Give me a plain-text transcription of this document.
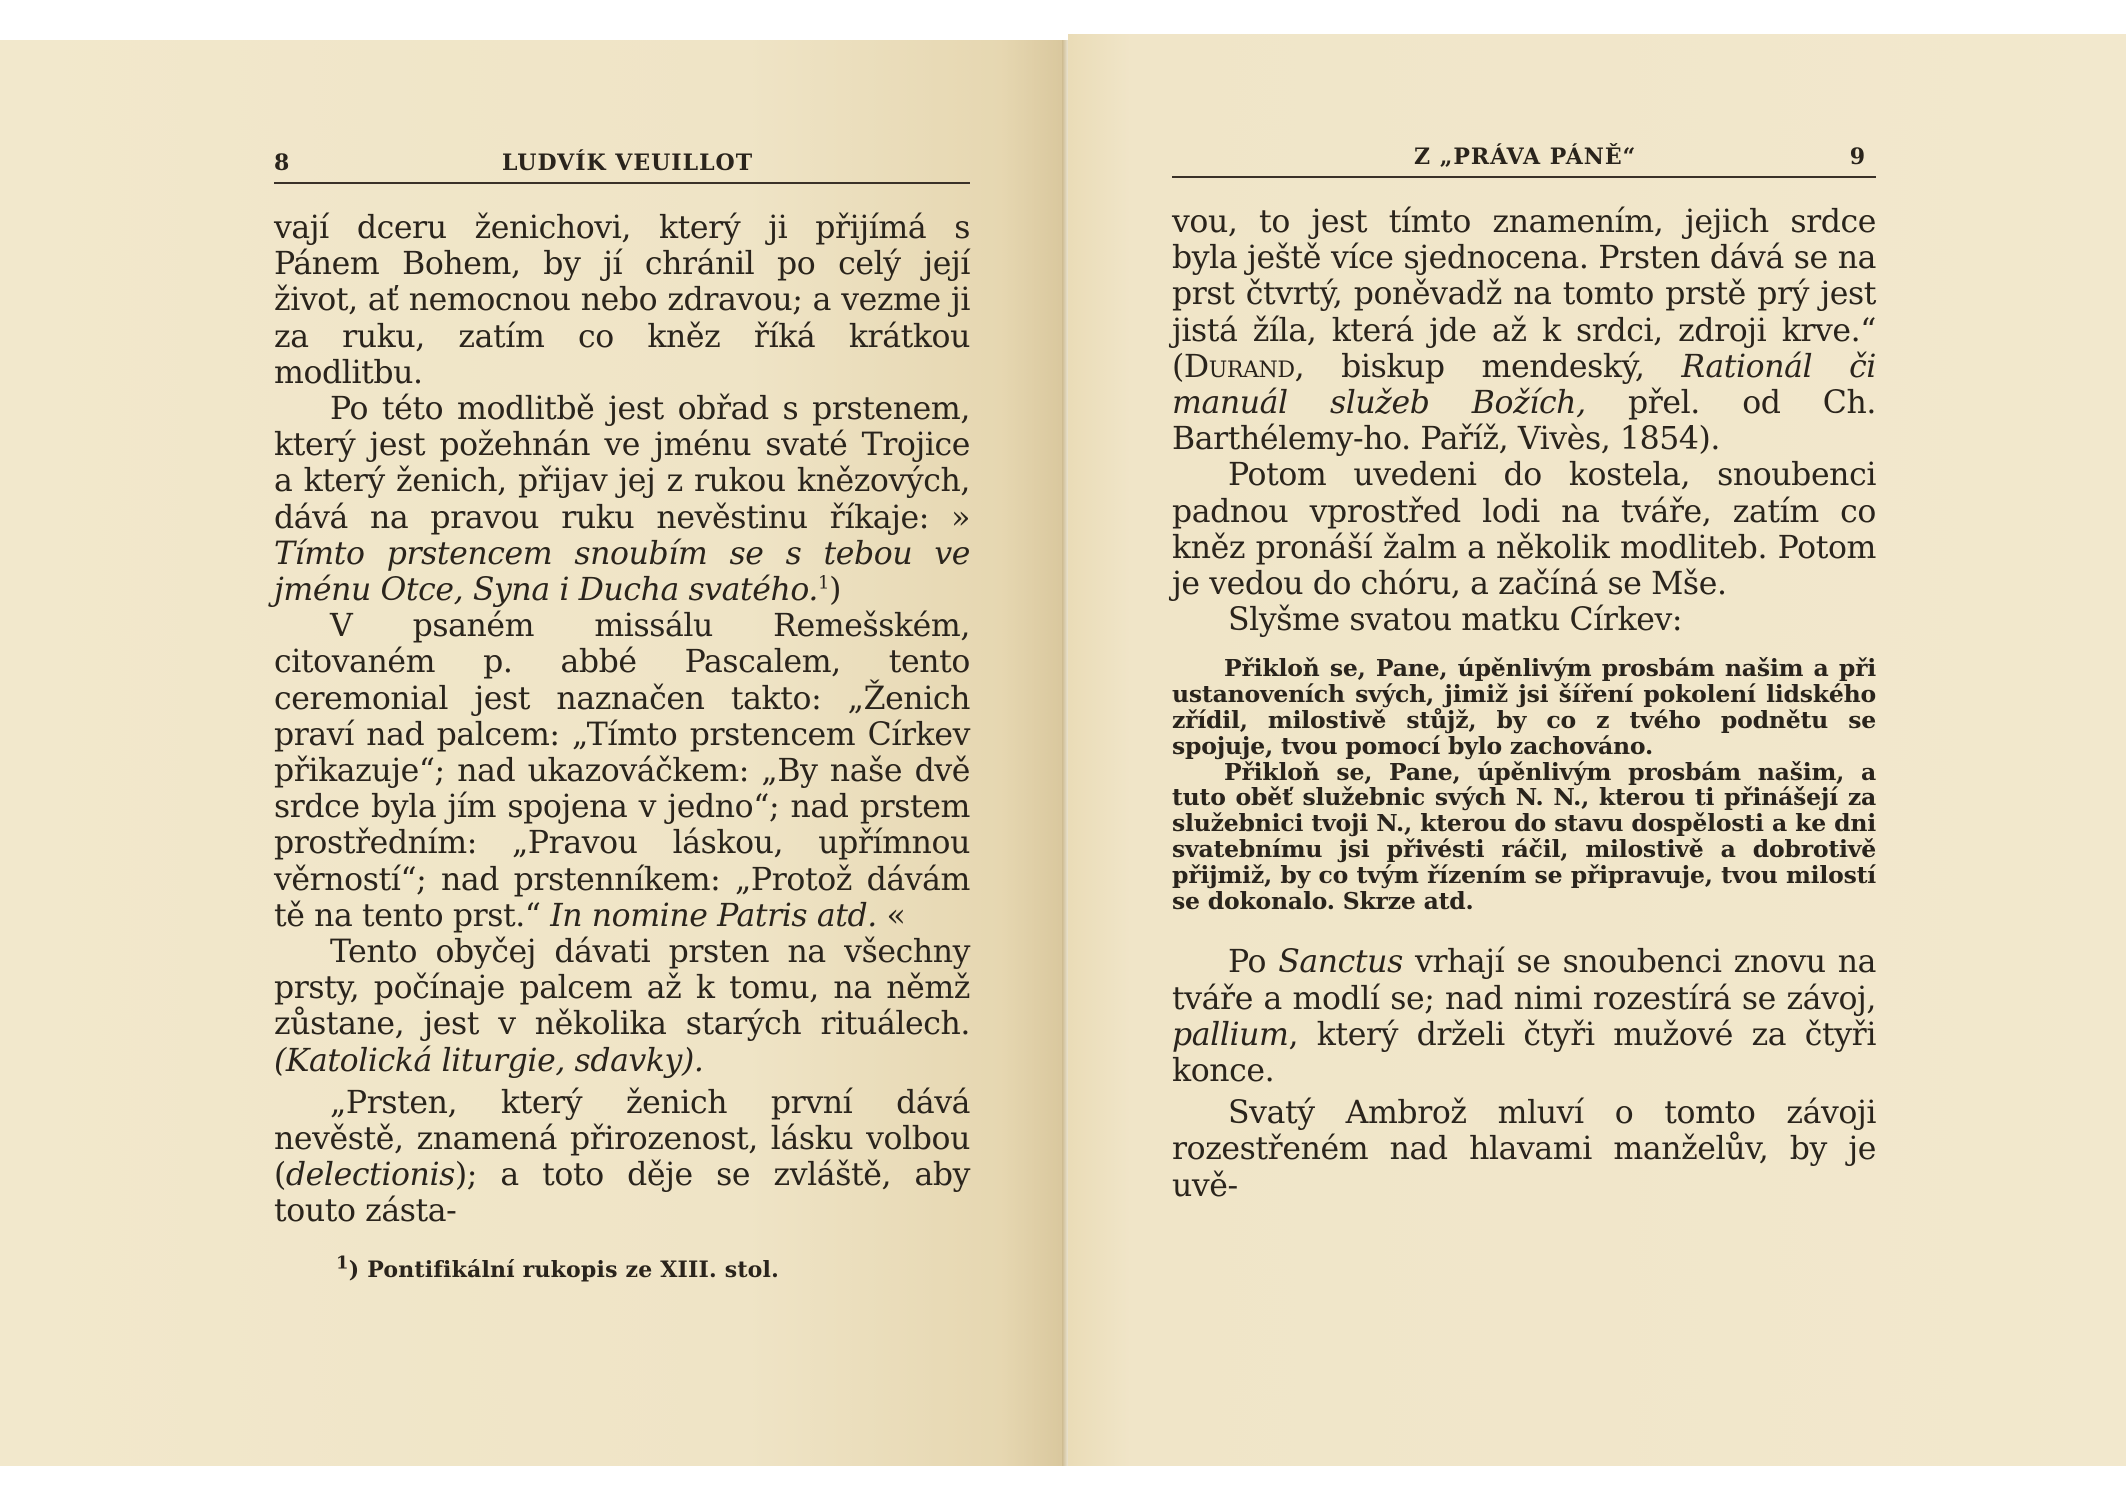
8	LUDVÍK VEUILLOT

vají dceru ženichovi, který ji přijímá s Pánem Bohem, by jí chránil po celý její život, ať nemocnou nebo zdravou; a vezme ji za ruku, zatím co kněz říká krátkou modlitbu.

Po této modlitbě jest obřad s prstenem, který jest požehnán ve jménu svaté Trojice a který ženich, přijav jej z rukou knězových, dává na pravou ruku nevěstinu říkaje: » Tímto prstencem snoubím se s tebou ve jménu Otce, Syna i Ducha svatého.$^1$)

V psaném missálu Remešském, citovaném p. abbé Pascalem, tento ceremonial jest naznačen takto: „Ženich praví nad palcem: „Tímto prstencem Církev přikazuje“; nad ukazováčkem: „By naše dvě srdce byla jím spojena v jedno“; nad prstem prostředním: „Pravou láskou, upřímnou věrností“; nad prstenníkem: „Protož dávám tě na tento prst.“ In nomine Patris atd. «

Tento obyčej dávati prsten na všechny prsty, počínaje palcem až k tomu, na němž zůstane, jest v několika starých rituálech. (Katolická liturgie, sdavky).

„Prsten, který ženich první dává nevěstě, znamená přirozenost, lásku volbou (delectionis); a toto děje se zvláště, aby touto zásta-

$^1$) Pontifikální rukopis ze XIII. stol.
Z „PRÁVA PÁNĚ“	9

vou, to jest tímto znamením, jejich srdce byla ještě více sjednocena. Prsten dává se na prst čtvrtý, poněvadž na tomto prstě prý jest jistá žíla, která jde až k srdci, zdroji krve.“ (Durand, biskup mendeský, Rationál či manuál služeb Božích, přel. od Ch. Barthélemy-ho. Paříž, Vivès, 1854).

Potom uvedeni do kostela, snoubenci padnou vprostřed lodi na tváře, zatím co kněz pronáší žalm a několik modliteb. Potom je vedou do chóru, a začíná se Mše.

Slyšme svatou matku Církev:

Přikloň se, Pane, úpěnlivým prosbám našim a při ustanoveních svých, jimiž jsi šíření pokolení lidského zřídil, milostivě stůjž, by co z tvého podnětu se spojuje, tvou pomocí bylo zachováno.

Přikloň se, Pane, úpěnlivým prosbám našim, a tuto oběť služebnic svých N. N., kterou ti přinášejí za služebnici tvoji N., kterou do stavu dospělosti a ke dni svatebnímu jsi přivésti ráčil, milostivě a dobrotivě přijmiž, by co tvým řízením se připravuje, tvou milostí se dokonalo. Skrze atd.

Po Sanctus vrhají se snoubenci znovu na tváře a modlí se; nad nimi rozestírá se závoj, pallium, který drželi čtyři mužové za čtyři konce.

Svatý Ambrož mluví o tomto závoji rozestřeném nad hlavami manželův, by je uvě-
